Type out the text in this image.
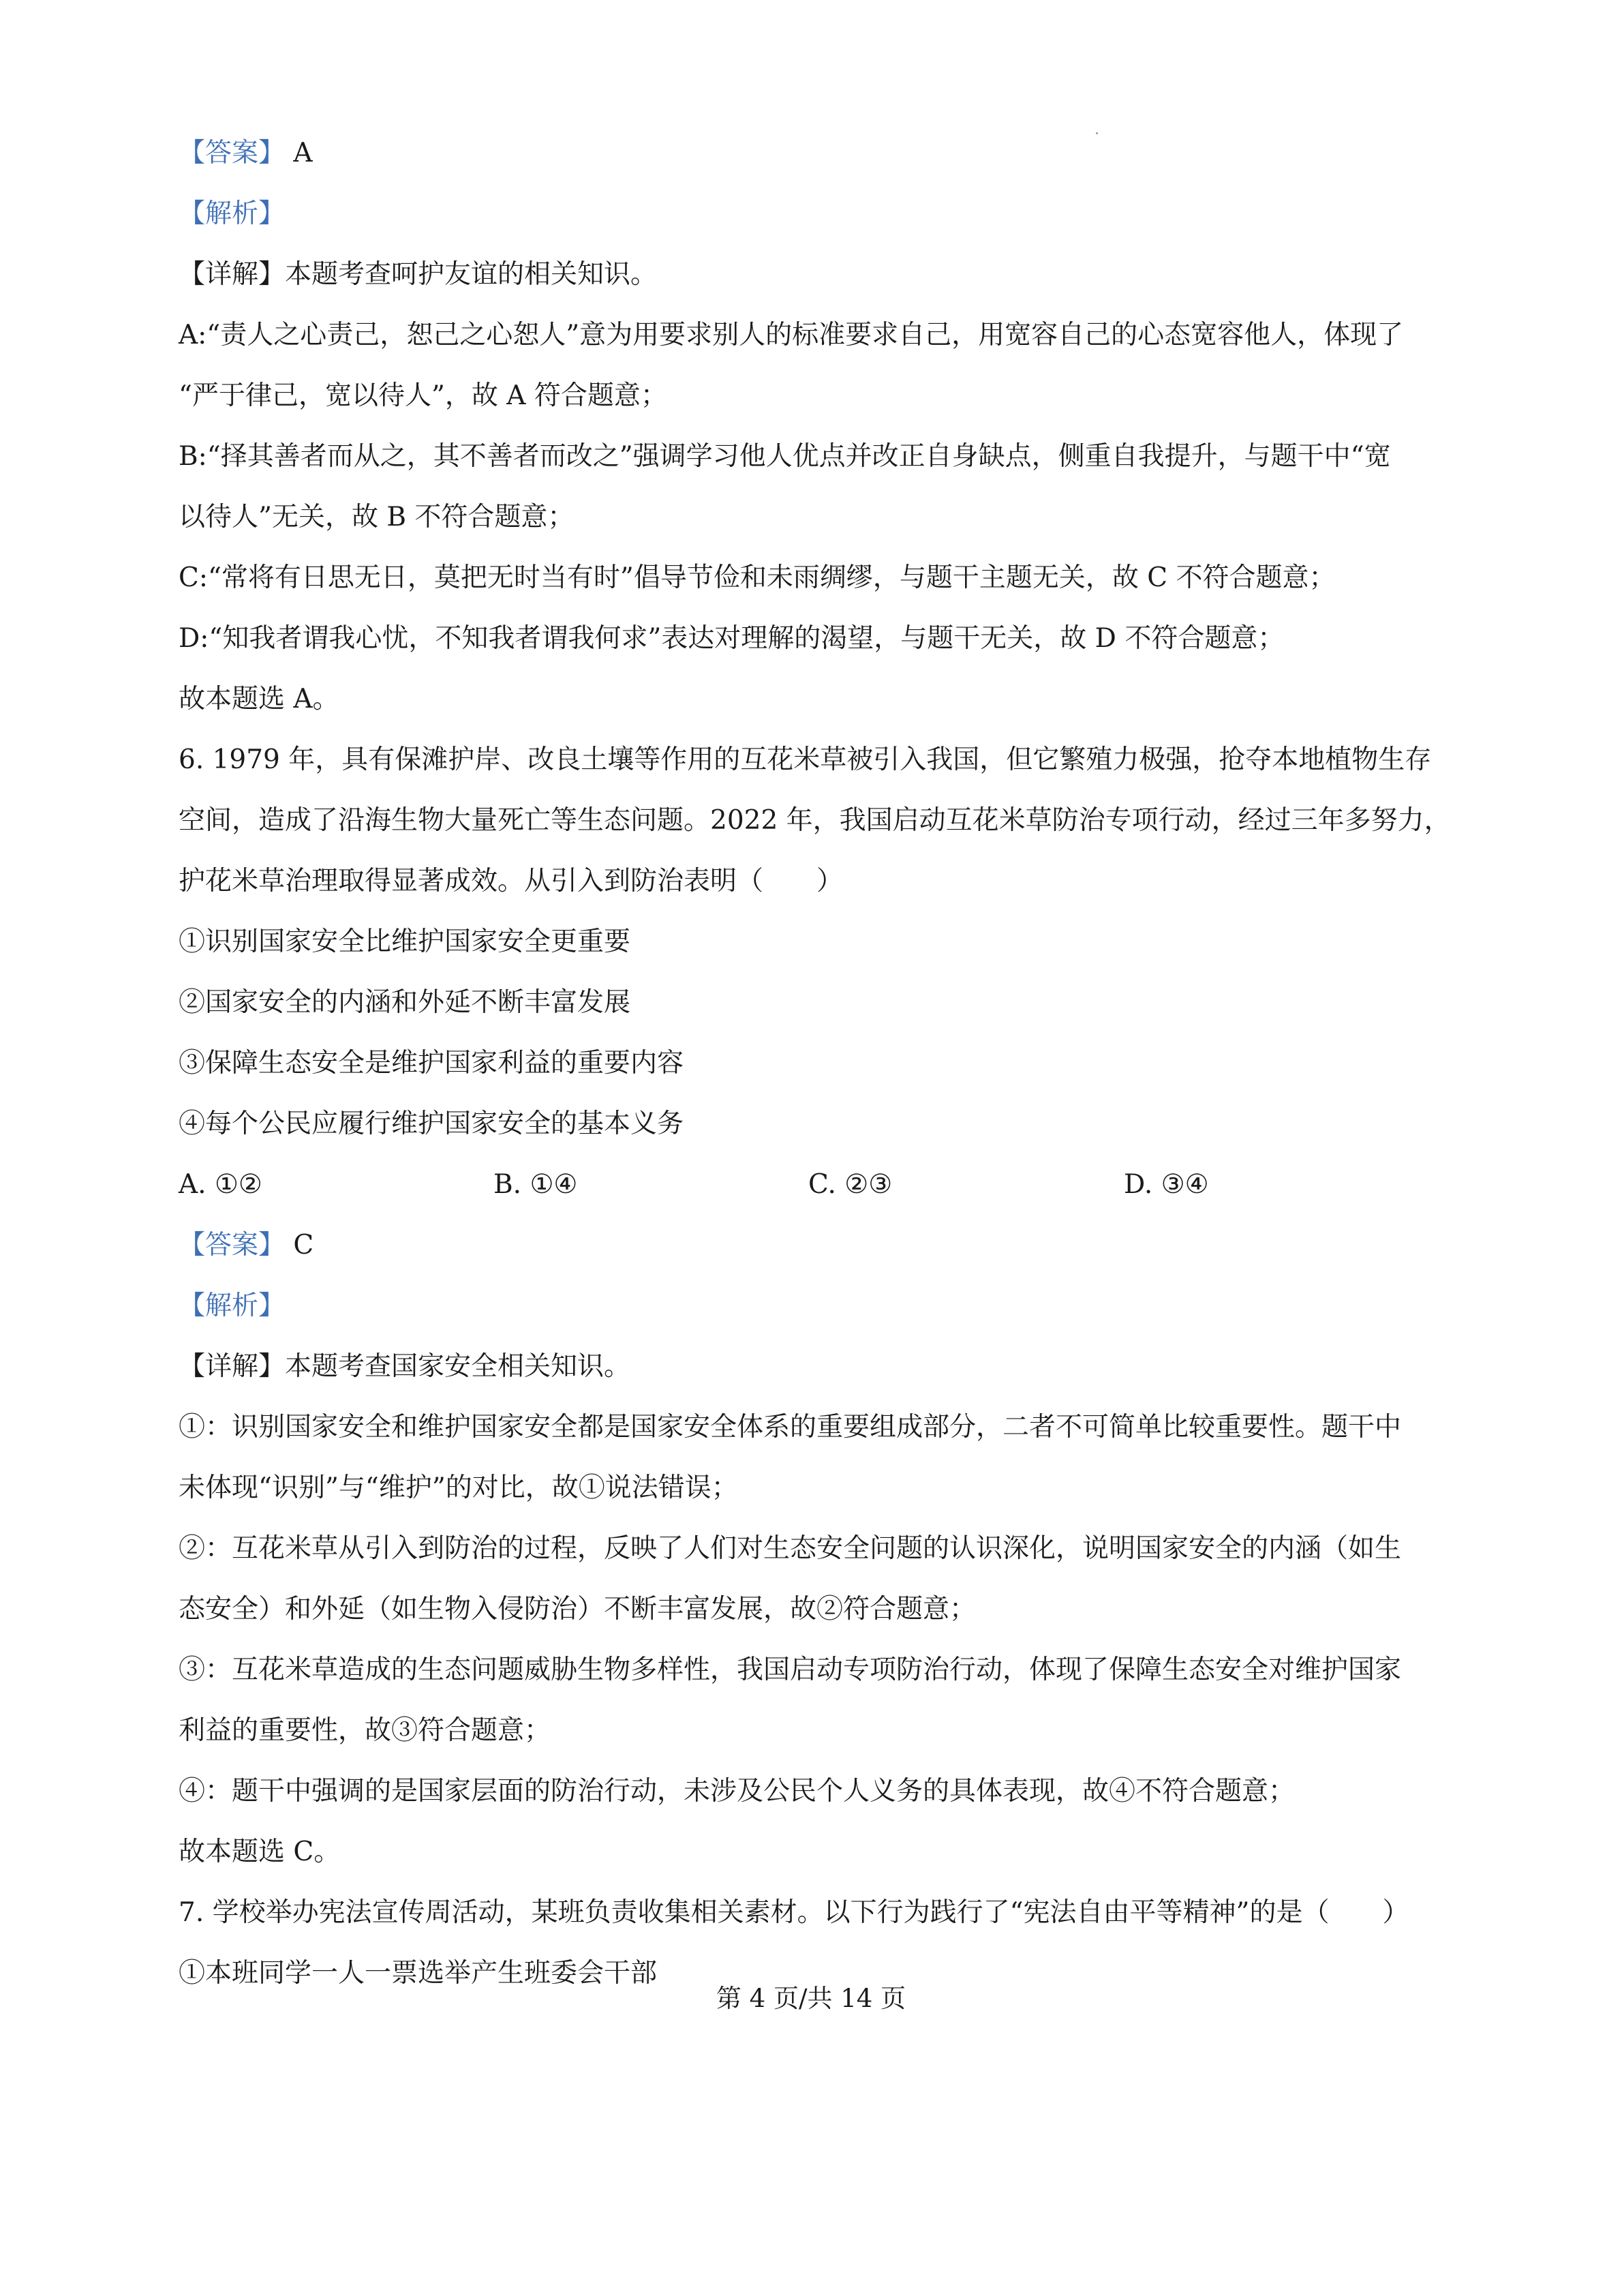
【答案】 A
【解析】
【详解】本题考查呵护友谊的相关知识。
A:“责人之心责己，恕己之心恕人”意为用要求别人的标准要求自己，用宽容自己的心态宽容他人，体现了
“严于律己，宽以待人”，故 A 符合题意；
B:“择其善者而从之，其不善者而改之”强调学习他人优点并改正自身缺点，侧重自我提升，与题干中“宽
以待人”无关，故 B 不符合题意；
C:“常将有日思无日，莫把无时当有时”倡导节俭和未雨绸缪，与题干主题无关，故 C 不符合题意；
D:“知我者谓我心忧，不知我者谓我何求”表达对理解的渴望，与题干无关，故 D 不符合题意；
故本题选 A。
6. 1979 年，具有保滩护岸、改良土壤等作用的互花米草被引入我国，但它繁殖力极强，抢夺本地植物生存
空间，造成了沿海生物大量死亡等生态问题。2022 年，我国启动互花米草防治专项行动，经过三年多努力，
护花米草治理取得显著成效。从引入到防治表明（　　）
①识别国家安全比维护国家安全更重要
②国家安全的内涵和外延不断丰富发展
③保障生态安全是维护国家利益的重要内容
④每个公民应履行维护国家安全的基本义务
A. ①②	B. ①④	C. ②③	D. ③④
【答案】 C
【解析】
【详解】本题考查国家安全相关知识。
①：识别国家安全和维护国家安全都是国家安全体系的重要组成部分，二者不可简单比较重要性。题干中
未体现“识别”与“维护”的对比，故①说法错误；
②：互花米草从引入到防治的过程，反映了人们对生态安全问题的认识深化，说明国家安全的内涵（如生
态安全）和外延（如生物入侵防治）不断丰富发展，故②符合题意；
③：互花米草造成的生态问题威胁生物多样性，我国启动专项防治行动，体现了保障生态安全对维护国家
利益的重要性，故③符合题意；
④：题干中强调的是国家层面的防治行动，未涉及公民个人义务的具体表现，故④不符合题意；
故本题选 C。
7. 学校举办宪法宣传周活动，某班负责收集相关素材。以下行为践行了“宪法自由平等精神”的是（　　）
①本班同学一人一票选举产生班委会干部
第 4 页/共 14 页
